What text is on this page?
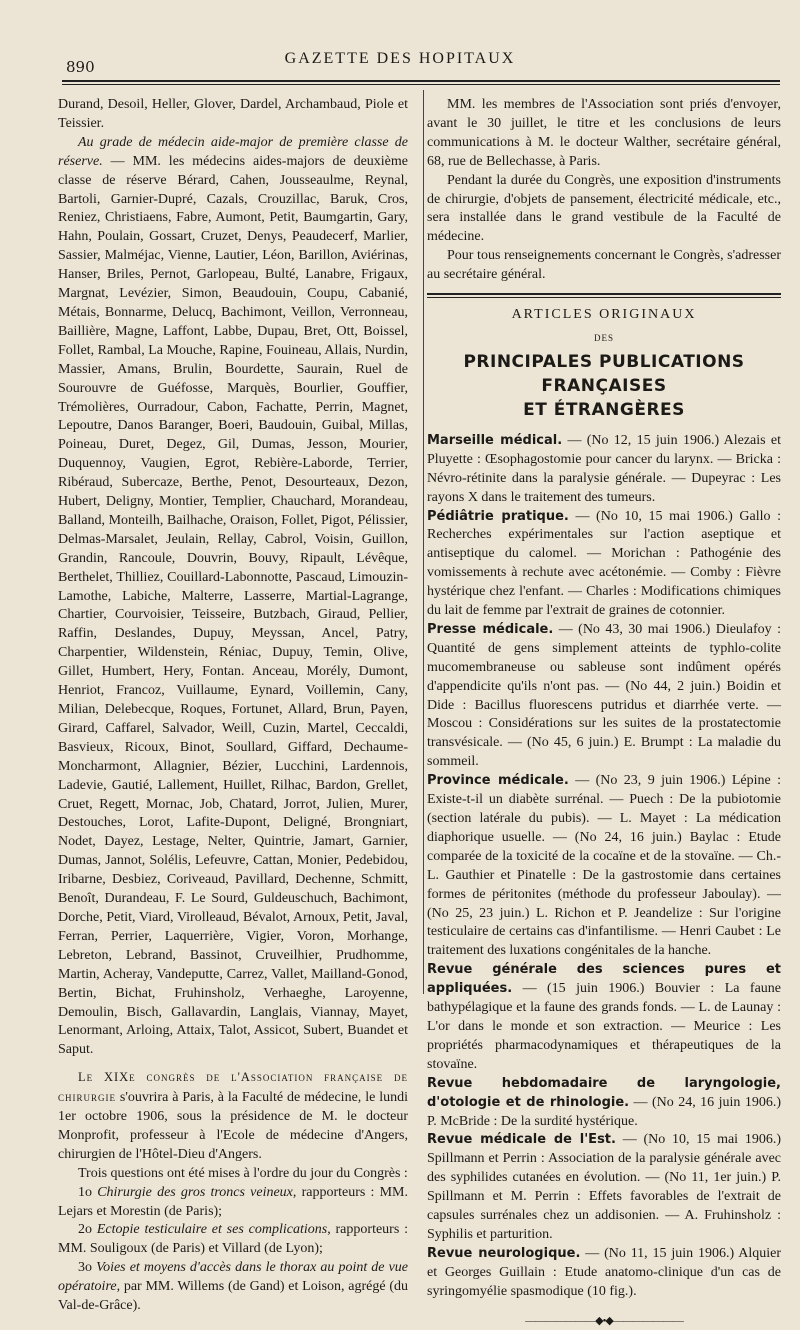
890	GAZETTE DES HOPITAUX

Durand, Desoil, Heller, Glover, Dardel, Archambaud, Piole et Teissier.

Au grade de médecin aide-major de première classe de réserve. — MM. les médecins aides-majors de deuxième classe de réserve Bérard, Cahen, Jousseaulme, Reynal, Bartoli, Garnier-Dupré, Cazals, Crouzillac, Baruk, Cros, Reniez, Christiaens, Fabre, Aumont, Petit, Baumgartin, Gary, Hahn, Poulain, Gossart, Cruzet, Denys, Peaudecerf, Marlier, Sassier, Malméjac, Vienne, Lautier, Léon, Barillon, Aviérinas, Hanser, Briles, Pernot, Garlopeau, Bulté, Lanabre, Frigaux, Margnat, Levézier, Simon, Beaudouin, Coupu, Cabanié, Métais, Bonnarme, Delucq, Bachimont, Veillon, Verronneau, Baillière, Magne, Laffont, Labbe, Dupau, Bret, Ott, Boissel, Follet, Rambal, La Mouche, Rapine, Fouineau, Allais, Nurdin, Massier, Amans, Brulin, Bourdette, Saurain, Ruel de Sourouvre de Guéfosse, Marquès, Bourlier, Gouffier, Trémolières, Ourradour, Cabon, Fachatte, Perrin, Magnet, Lepoutre, Danos Baranger, Boeri, Baudouin, Guibal, Millas, Poineau, Duret, Degez, Gil, Dumas, Jesson, Mourier, Duquennoy, Vaugien, Egrot, Rebière-Laborde, Terrier, Ribéraud, Subercaze, Berthe, Penot, Desourteaux, Dezon, Hubert, Deligny, Montier, Templier, Chauchard, Morandeau, Balland, Monteilh, Bailhache, Oraison, Follet, Pigot, Pélissier, Delmas-Marsalet, Jeulain, Rellay, Cabrol, Voisin, Guillon, Grandin, Rancoule, Douvrin, Bouvy, Ripault, Lévêque, Berthelet, Thilliez, Couillard-Labonnotte, Pascaud, Limouzin-Lamothe, Labiche, Malterre, Lasserre, Martial-Lagrange, Chartier, Courvoisier, Teisseire, Butzbach, Giraud, Pellier, Raffin, Deslandes, Dupuy, Meyssan, Ancel, Patry, Charpentier, Wildenstein, Réniac, Dupuy, Temin, Olive, Gillet, Humbert, Hery, Fontan. Anceau, Morély, Dumont, Henriot, Francoz, Vuillaume, Eynard, Voillemin, Cany, Milian, Delebecque, Roques, Fortunet, Allard, Brun, Payen, Girard, Caffarel, Salvador, Weill, Cuzin, Martel, Ceccaldi, Basvieux, Ricoux, Binot, Soullard, Giffard, Dechaume-Moncharmont, Allagnier, Bézier, Lucchini, Lardennois, Ladevie, Gautié, Lallement, Huillet, Rilhac, Bardon, Grellet, Cruet, Regett, Mornac, Job, Chatard, Jorrot, Julien, Murer, Destouches, Lorot, Lafite-Dupont, Deligné, Brongniart, Nodet, Dayez, Lestage, Nelter, Quintrie, Jamart, Garnier, Dumas, Jannot, Solélis, Lefeuvre, Cattan, Monier, Pedebidou, Iribarne, Desbiez, Coriveaud, Pavillard, Dechenne, Schmitt, Benoît, Durandeau, F. Le Sourd, Guldeuschuch, Bachimont, Dorche, Petit, Viard, Virolleaud, Bévalot, Arnoux, Petit, Javal, Ferran, Perrier, Laquerrière, Vigier, Voron, Morhange, Lebreton, Lebrand, Bassinot, Cruveilhier, Prudhomme, Martin, Acheray, Vandeputte, Carrez, Vallet, Mailland-Gonod, Bertin, Bichat, Fruhinsholz, Verhaeghe, Laroyenne, Demoulin, Bisch, Gallavardin, Langlais, Viannay, Mayet, Lenormant, Arloing, Attaix, Talot, Assicot, Subert, Buandet et Saput.

Le XIXe congrès de l'Association française de chirurgie s'ouvrira à Paris, à la Faculté de médecine, le lundi 1er octobre 1906, sous la présidence de M. le docteur Monprofit, professeur à l'Ecole de médecine d'Angers, chirurgien de l'Hôtel-Dieu d'Angers.

Trois questions ont été mises à l'ordre du jour du Congrès :

1o Chirurgie des gros troncs veineux, rapporteurs : MM. Lejars et Morestin (de Paris);

2o Ectopie testiculaire et ses complications, rapporteurs : MM. Souligoux (de Paris) et Villard (de Lyon);

3o Voies et moyens d'accès dans le thorax au point de vue opératoire, par MM. Willems (de Gand) et Loison, agrégé (du Val-de-Grâce).

MM. les membres de l'Association sont priés d'envoyer, avant le 30 juillet, le titre et les conclusions de leurs communications à M. le docteur Walther, secrétaire général, 68, rue de Bellechasse, à Paris.

Pendant la durée du Congrès, une exposition d'instruments de chirurgie, d'objets de pansement, électricité médicale, etc., sera installée dans le grand vestibule de la Faculté de médecine.

Pour tous renseignements concernant le Congrès, s'adresser au secrétaire général.

ARTICLES ORIGINAUX
DES
PRINCIPALES PUBLICATIONS FRANÇAISES
ET ÉTRANGÈRES

Marseille médical. — (No 12, 15 juin 1906.) Alezais et Pluyette : Œsophagostomie pour cancer du larynx. — Bricka : Névro-rétinite dans la paralysie générale. — Dupeyrac : Les rayons X dans le traitement des tumeurs.

Pédiâtrie pratique. — (No 10, 15 mai 1906.) Gallo : Recherches expérimentales sur l'action aseptique et antiseptique du calomel. — Morichan : Pathogénie des vomissements à rechute avec acétonémie. — Comby : Fièvre hystérique chez l'enfant. — Charles : Modifications chimiques du lait de femme par l'extrait de graines de cotonnier.

Presse médicale. — (No 43, 30 mai 1906.) Dieulafoy : Quantité de gens simplement atteints de typhlo-colite mucomembraneuse ou sableuse sont indûment opérés d'appendicite qu'ils n'ont pas. — (No 44, 2 juin.) Boidin et Dide : Bacillus fluorescens putridus et diarrhée verte. — Moscou : Considérations sur les suites de la prostatectomie transvésicale. — (No 45, 6 juin.) E. Brumpt : La maladie du sommeil.

Province médicale. — (No 23, 9 juin 1906.) Lépine : Existe-t-il un diabète surrénal. — Puech : De la pubiotomie (section latérale du pubis). — L. Mayet : La médication diaphorique usuelle. — (No 24, 16 juin.) Baylac : Etude comparée de la toxicité de la cocaïne et de la stovaïne. — Ch.-L. Gauthier et Pinatelle : De la gastrostomie dans certaines formes de péritonites (méthode du professeur Jaboulay). — (No 25, 23 juin.) L. Richon et P. Jeandelize : Sur l'origine testiculaire de certains cas d'infantilisme. — Henri Caubet : Le traitement des luxations congénitales de la hanche.

Revue générale des sciences pures et appliquées. — (15 juin 1906.) Bouvier : La faune bathypélagique et la faune des grands fonds. — L. de Launay : L'or dans le monde et son extraction. — Meurice : Les propriétés pharmacodynamiques et thérapeutiques de la stovaïne.

Revue hebdomadaire de laryngologie, d'otologie et de rhinologie. — (No 24, 16 juin 1906.) P. McBride : De la surdité hystérique.

Revue médicale de l'Est. — (No 10, 15 mai 1906.) Spillmann et Perrin : Association de la paralysie générale avec des syphilides cutanées en évolution. — (No 11, 1er juin.) P. Spillmann et M. Perrin : Effets favorables de l'extrait de capsules surrénales chez un addisonien. — A. Fruhinsholz : Syphilis et parturition.

Revue neurologique. — (No 11, 15 juin 1906.) Alquier et Georges Guillain : Etude anatomo-clinique d'un cas de syringomyélie spasmodique (10 fig.).

———————◆•◆———————
